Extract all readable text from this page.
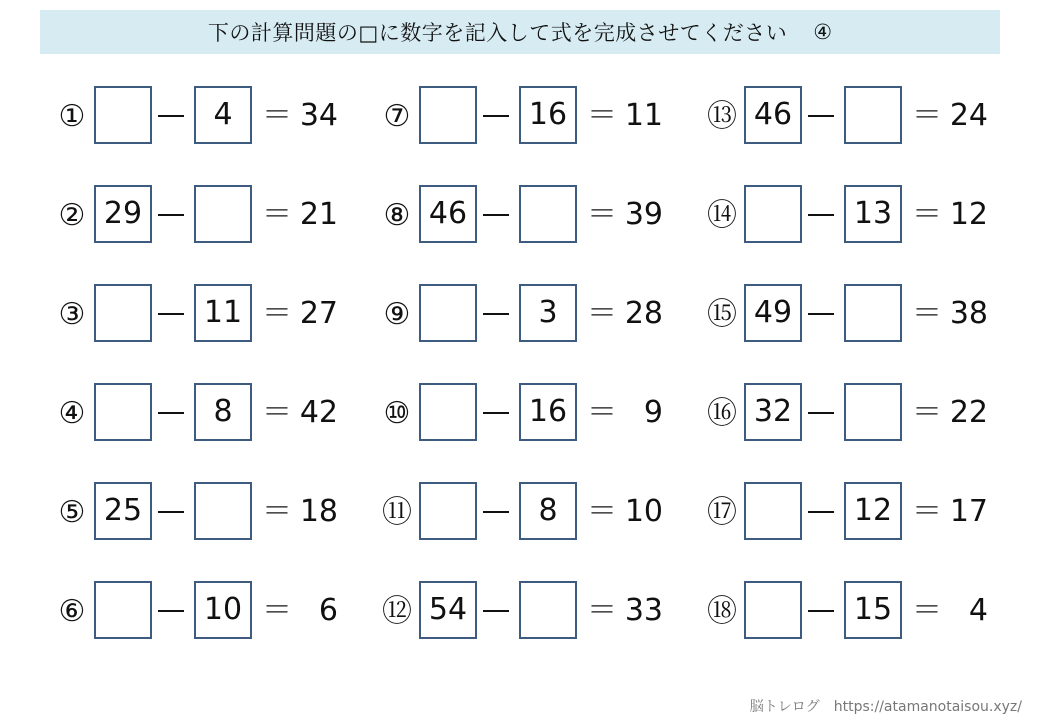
下の計算問題の□に数字を記入して式を完成させてください ④
①	4 ＝ 34
② 29	＝ 21
③	11 ＝ 27
④	8 ＝ 42
⑤ 25	＝ 18
⑥	10 ＝ 6
⑦	16 ＝ 11
⑧ 46	＝ 39
⑨	3 ＝ 28
⑩	16 ＝ 9
⑪	8 ＝ 10
⑫ 54	＝ 33
⑬ 46	＝ 24
⑭	13 ＝ 12
⑮ 49	＝ 38
⑯ 32	＝ 22
⑰	12 ＝ 17
⑱	15 ＝ 4
脳トレログ　https://atamanotaisou.xyz/
